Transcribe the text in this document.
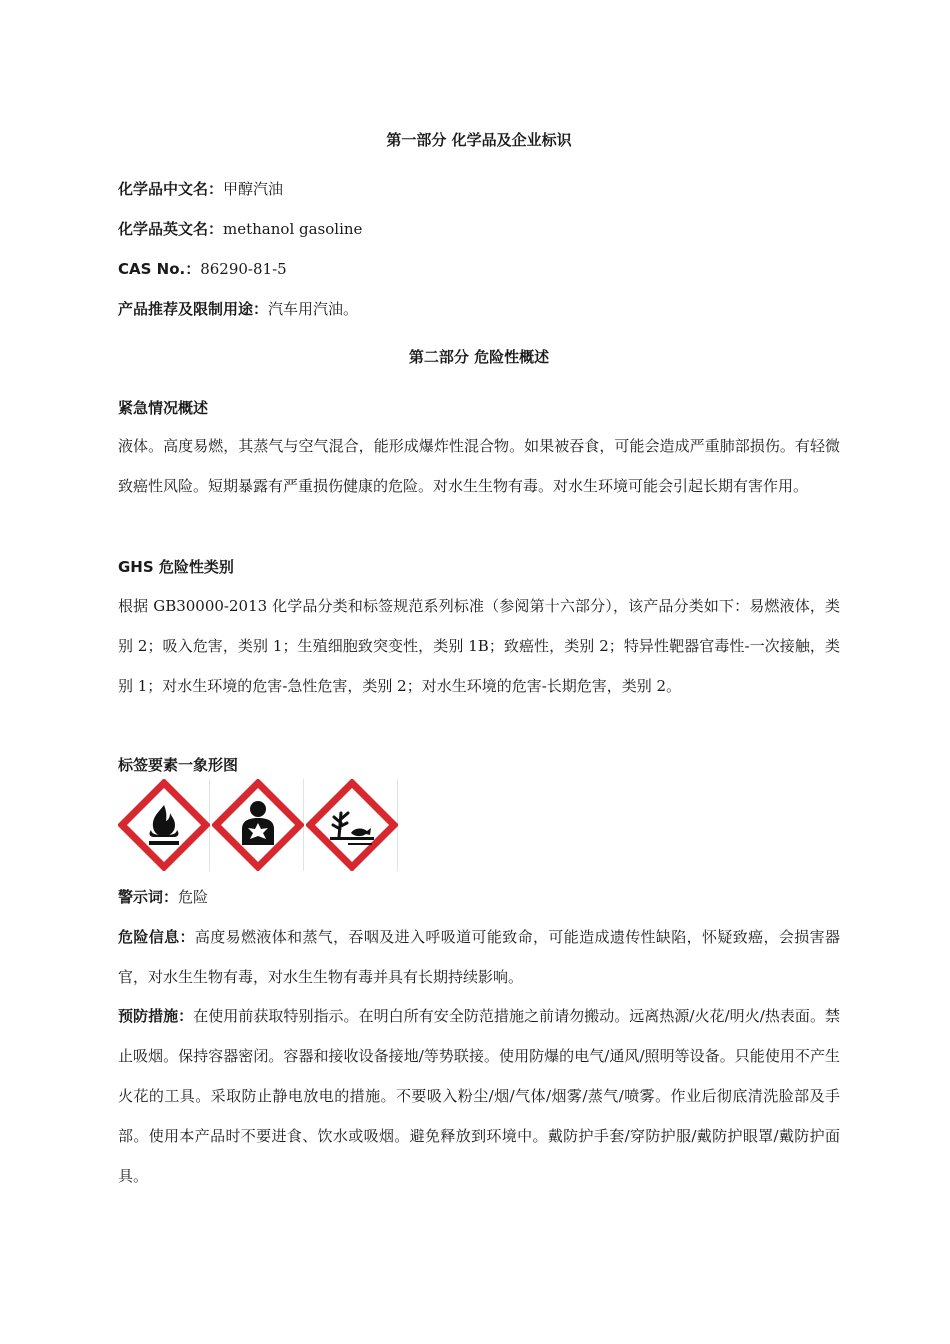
第一部分 化学品及企业标识
化学品中文名：甲醇汽油
化学品英文名：methanol gasoline
CAS No.：86290-81-5
产品推荐及限制用途：汽车用汽油。
第二部分 危险性概述
紧急情况概述
液体。高度易燃，其蒸气与空气混合，能形成爆炸性混合物。如果被吞食，可能会造成严重肺部损伤。有轻微致癌性风险。短期暴露有严重损伤健康的危险。对水生生物有毒。对水生环境可能会引起长期有害作用。
GHS 危险性类别
根据 GB30000-2013 化学品分类和标签规范系列标准（参阅第十六部分），该产品分类如下：易燃液体，类别 2；吸入危害，类别 1；生殖细胞致突变性，类别 1B；致癌性，类别 2；特异性靶器官毒性-一次接触，类别 1；对水生环境的危害-急性危害，类别 2；对水生环境的危害-长期危害，类别 2。
标签要素一象形图
警示词：危险
危险信息：高度易燃液体和蒸气，吞咽及进入呼吸道可能致命，可能造成遗传性缺陷，怀疑致癌，会损害器官，对水生生物有毒，对水生生物有毒并具有长期持续影响。
预防措施：在使用前获取特别指示。在明白所有安全防范措施之前请勿搬动。远离热源/火花/明火/热表面。禁止吸烟。保持容器密闭。容器和接收设备接地/等势联接。使用防爆的电气/通风/照明等设备。只能使用不产生火花的工具。采取防止静电放电的措施。不要吸入粉尘/烟/气体/烟雾/蒸气/喷雾。作业后彻底清洗脸部及手部。使用本产品时不要进食、饮水或吸烟。避免释放到环境中。戴防护手套/穿防护服/戴防护眼罩/戴防护面具。
